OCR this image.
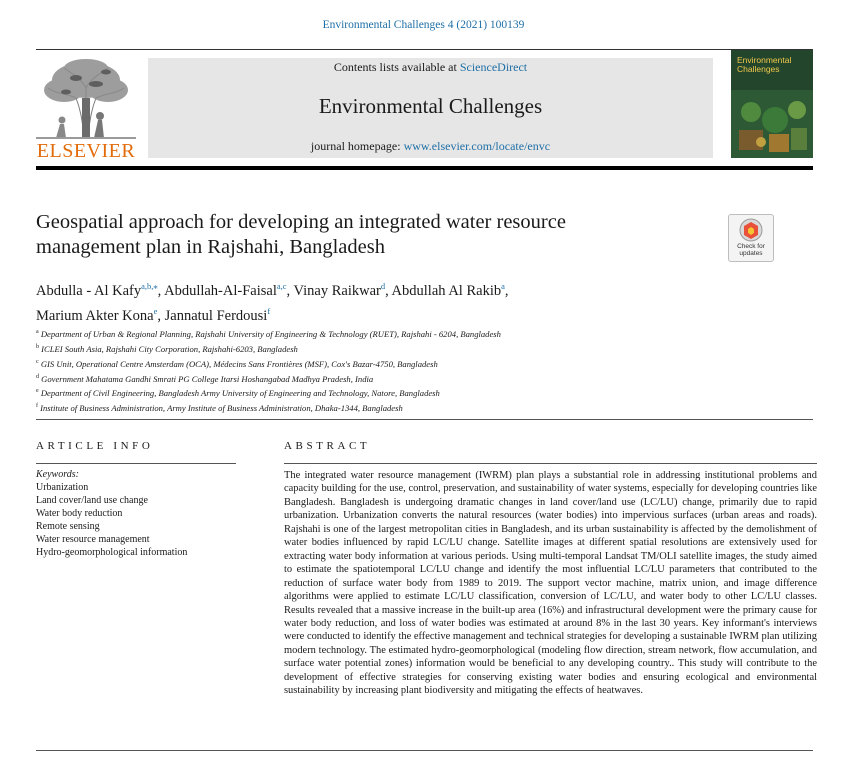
Environmental Challenges 4 (2021) 100139
ELSEVIER
Contents lists available at ScienceDirect
Environmental Challenges
journal homepage: www.elsevier.com/locate/envc
Environmental Challenges
Geospatial approach for developing an integrated water resource management plan in Rajshahi, Bangladesh	Check for updates
Abdulla - Al Kafy$^{a,b,⁎}$, Abdullah-Al-Faisal$^{a,c}$, Vinay Raikwar$^d$, Abdullah Al Rakib$^a$,
Marium Akter Kona$^e$, Jannatul Ferdousi$^f$
$^a$ Department of Urban & Regional Planning, Rajshahi University of Engineering & Technology (RUET), Rajshahi - 6204, Bangladesh
$^b$ ICLEI South Asia, Rajshahi City Corporation, Rajshahi-6203, Bangladesh
$^c$ GIS Unit, Operational Centre Amsterdam (OCA), Médecins Sans Frontières (MSF), Cox's Bazar-4750, Bangladesh
$^d$ Government Mahatama Gandhi Smrati PG College Itarsi Hoshangabad Madhya Pradesh, India
$^e$ Department of Civil Engineering, Bangladesh Army University of Engineering and Technology, Natore, Bangladesh
$^f$ Institute of Business Administration, Army Institute of Business Administration, Dhaka-1344, Bangladesh
ARTICLE INFO
Keywords:
Urbanization
Land cover/land use change
Water body reduction
Remote sensing
Water resource management
Hydro-geomorphological information
ABSTRACT
The integrated water resource management (IWRM) plan plays a substantial role in addressing institutional problems and capacity building for the use, control, preservation, and sustainability of water systems, especially for developing countries like Bangladesh. Bangladesh is undergoing dramatic changes in land cover/land use (LC/LU) change, primarily due to rapid urbanization. Urbanization converts the natural resources (water bodies) into impervious surfaces (urban areas and roads). Rajshahi is one of the largest metropolitan cities in Bangladesh, and its urban sustainability is affected by the demolishment of water bodies influenced by rapid LC/LU change. Satellite images at different spatial resolutions are extensively used for extracting water body information at various periods. Using multi-temporal Landsat TM/OLI satellite images, the study aimed to estimate the spatiotemporal LC/LU change and identify the most influential LC/LU parameters that contributed to the reduction of surface water body from 1989 to 2019. The support vector machine, matrix union, and image difference algorithms were applied to estimate LC/LU classification, conversion of LC/LU, and water body to other LC/LU classes. Results revealed that a massive increase in the built-up area (16%) and infrastructural development were the primary cause for water body reduction, and loss of water bodies was estimated at around 8% in the last 30 years. Key informant's interviews were conducted to identify the effective management and technical strategies for developing a sustainable IWRM plan utilizing modern technology. The estimated hydro-geomorphological (modeling flow direction, stream network, flow accumulation, and surface water potential zones) information would be beneficial to any developing country.. This study will contribute to the development of effective strategies for conserving existing water bodies and ensuring ecological and environmental sustainability by increasing plant biodiversity and mitigating the effects of heatwaves.
